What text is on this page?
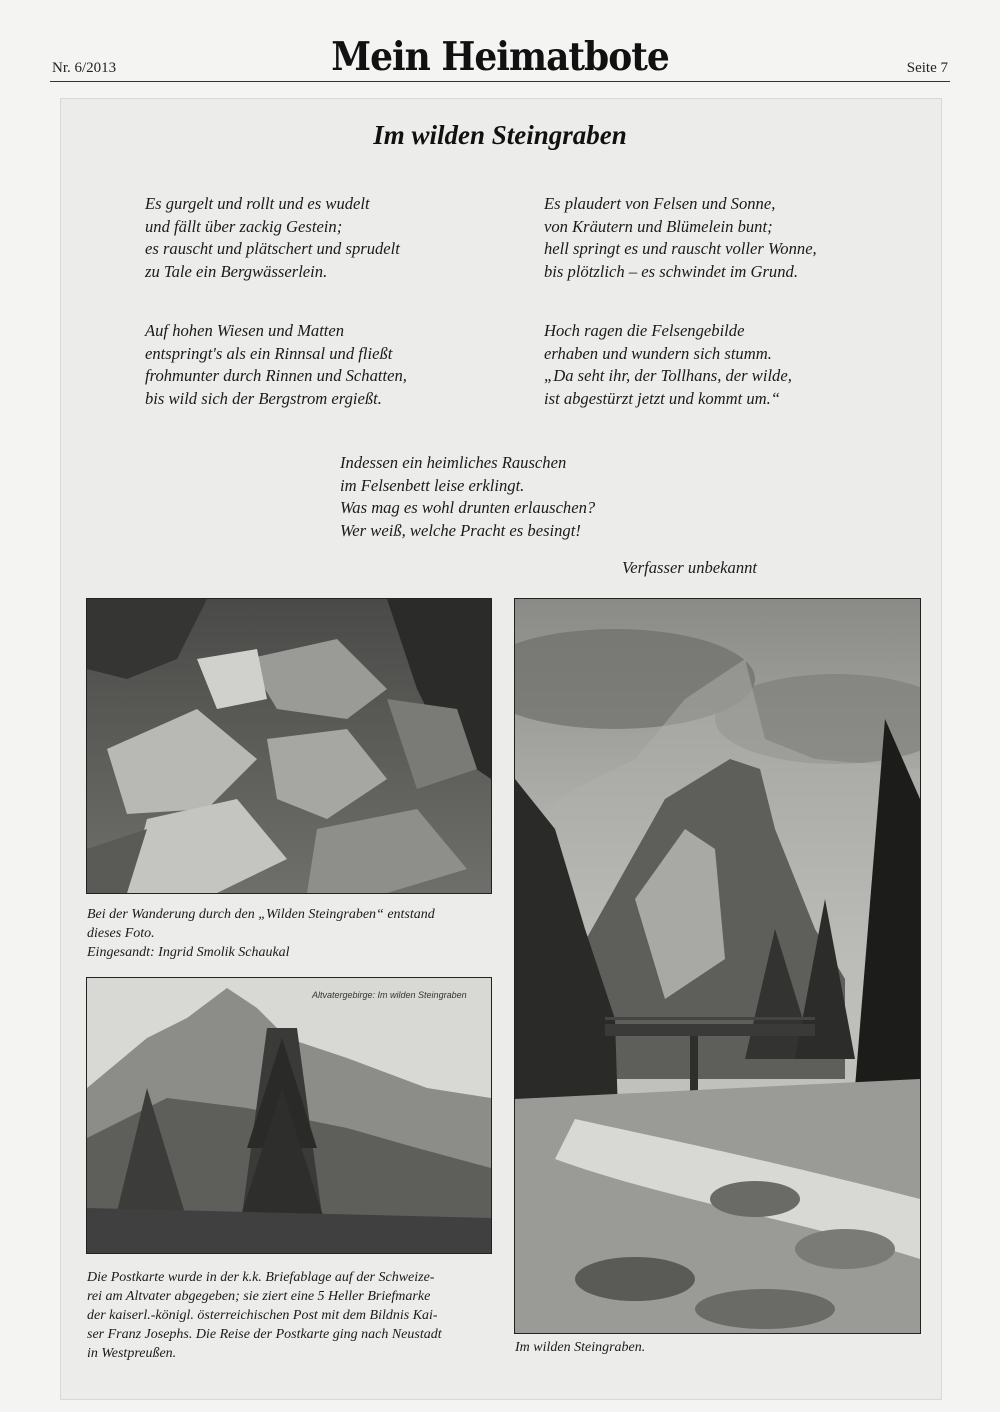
Nr. 6/2013	Mein Heimatbote	Seite 7
Im wilden Steingraben
Es gurgelt und rollt und es wudelt
und fällt über zackig Gestein;
es rauscht und plätschert und sprudelt
zu Tale ein Bergwässerlein.
Es plaudert von Felsen und Sonne,
von Kräutern und Blümelein bunt;
hell springt es und rauscht voller Wonne,
bis plötzlich – es schwindet im Grund.
Auf hohen Wiesen und Matten
entspringt's als ein Rinnsal und fließt
frohmunter durch Rinnen und Schatten,
bis wild sich der Bergstrom ergießt.
Hoch ragen die Felsengebilde
erhaben und wundern sich stumm.
„Da seht ihr, der Tollhans, der wilde,
ist abgestürzt jetzt und kommt um.“
Indessen ein heimliches Rauschen
im Felsenbett leise erklingt.
Was mag es wohl drunten erlauschen?
Wer weiß, welche Pracht es besingt!
Verfasser unbekannt
Bei der Wanderung durch den „Wilden Steingraben“ entstand
dieses Foto.
Eingesandt: Ingrid Smolik Schaukal
Altvatergebirge: Im wilden Steingraben
Die Postkarte wurde in der k.k. Briefablage auf der Schweize-
rei am Altvater abgegeben; sie ziert eine 5 Heller Briefmarke
der kaiserl.-königl. österreichischen Post mit dem Bildnis Kai-
ser Franz Josephs. Die Reise der Postkarte ging nach Neustadt
in Westpreußen.	Im wilden Steingraben.
